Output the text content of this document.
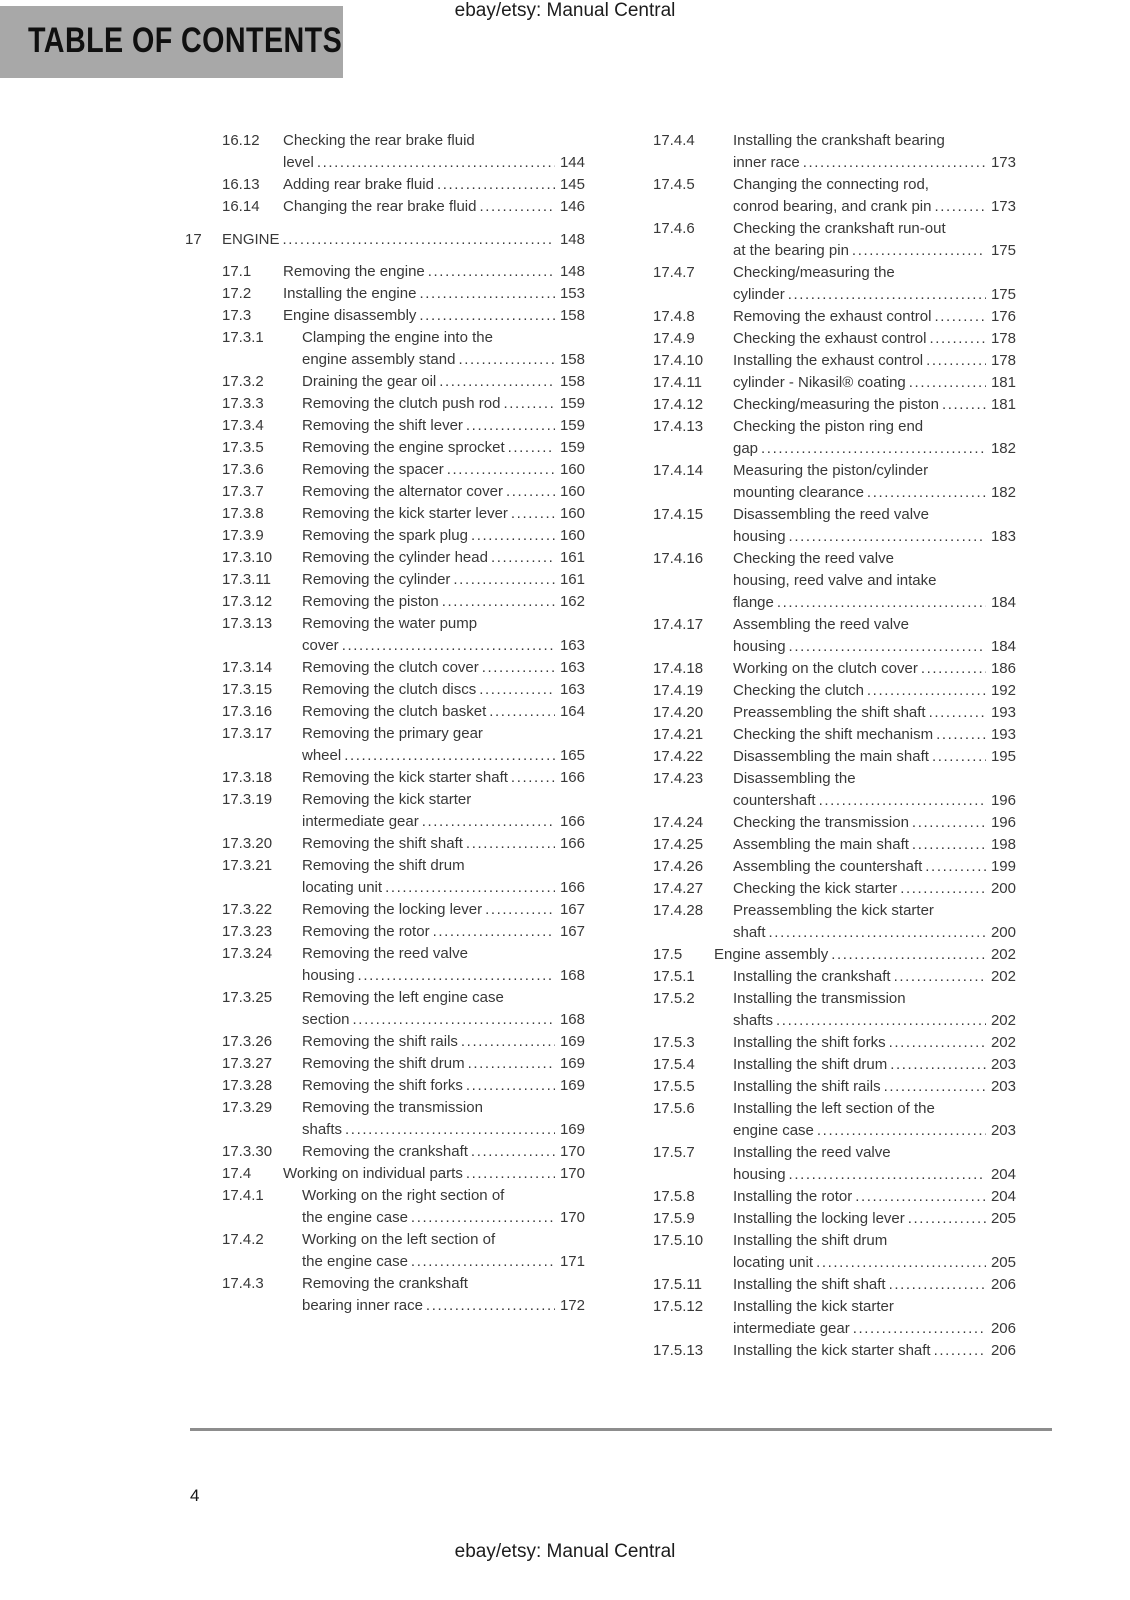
ebay/etsy: Manual Central
TABLE OF CONTENTS
16.12	Checking the rear brake fluid
level .....	144
16.13	Adding rear brake fluid .....	145
16.14	Changing the rear brake fluid .....	146
17	ENGINE .....	148
17.1	Removing the engine .....	148
17.2	Installing the engine .....	153
17.3	Engine disassembly .....	158
17.3.1	Clamping the engine into the
engine assembly stand .....	158
17.3.2	Draining the gear oil .....	158
17.3.3	Removing the clutch push rod .....	159
17.3.4	Removing the shift lever .....	159
17.3.5	Removing the engine sprocket .....	159
17.3.6	Removing the spacer .....	160
17.3.7	Removing the alternator cover .....	160
17.3.8	Removing the kick starter lever .....	160
17.3.9	Removing the spark plug .....	160
17.3.10	Removing the cylinder head .....	161
17.3.11	Removing the cylinder .....	161
17.3.12	Removing the piston .....	162
17.3.13	Removing the water pump
cover .....	163
17.3.14	Removing the clutch cover .....	163
17.3.15	Removing the clutch discs .....	163
17.3.16	Removing the clutch basket .....	164
17.3.17	Removing the primary gear
wheel .....	165
17.3.18	Removing the kick starter shaft .....	166
17.3.19	Removing the kick starter
intermediate gear .....	166
17.3.20	Removing the shift shaft .....	166
17.3.21	Removing the shift drum
locating unit .....	166
17.3.22	Removing the locking lever .....	167
17.3.23	Removing the rotor .....	167
17.3.24	Removing the reed valve
housing .....	168
17.3.25	Removing the left engine case
section .....	168
17.3.26	Removing the shift rails .....	169
17.3.27	Removing the shift drum .....	169
17.3.28	Removing the shift forks .....	169
17.3.29	Removing the transmission
shafts .....	169
17.3.30	Removing the crankshaft .....	170
17.4	Working on individual parts .....	170
17.4.1	Working on the right section of
the engine case .....	170
17.4.2	Working on the left section of
the engine case .....	171
17.4.3	Removing the crankshaft
bearing inner race .....	172
17.4.4	Installing the crankshaft bearing
inner race .....	173
17.4.5	Changing the connecting rod,
conrod bearing, and crank pin .....	173
17.4.6	Checking the crankshaft run-out
at the bearing pin .....	175
17.4.7	Checking/measuring the
cylinder .....	175
17.4.8	Removing the exhaust control .....	176
17.4.9	Checking the exhaust control .....	178
17.4.10	Installing the exhaust control .....	178
17.4.11	cylinder - Nikasil® coating .....	181
17.4.12	Checking/measuring the piston .....	181
17.4.13	Checking the piston ring end
gap .....	182
17.4.14	Measuring the piston/cylinder
mounting clearance .....	182
17.4.15	Disassembling the reed valve
housing .....	183
17.4.16	Checking the reed valve
housing, reed valve and intake
flange .....	184
17.4.17	Assembling the reed valve
housing .....	184
17.4.18	Working on the clutch cover .....	186
17.4.19	Checking the clutch .....	192
17.4.20	Preassembling the shift shaft .....	193
17.4.21	Checking the shift mechanism .....	193
17.4.22	Disassembling the main shaft .....	195
17.4.23	Disassembling the
countershaft .....	196
17.4.24	Checking the transmission .....	196
17.4.25	Assembling the main shaft .....	198
17.4.26	Assembling the countershaft .....	199
17.4.27	Checking the kick starter .....	200
17.4.28	Preassembling the kick starter
shaft .....	200
17.5	Engine assembly .....	202
17.5.1	Installing the crankshaft .....	202
17.5.2	Installing the transmission
shafts .....	202
17.5.3	Installing the shift forks .....	202
17.5.4	Installing the shift drum .....	203
17.5.5	Installing the shift rails .....	203
17.5.6	Installing the left section of the
engine case .....	203
17.5.7	Installing the reed valve
housing .....	204
17.5.8	Installing the rotor .....	204
17.5.9	Installing the locking lever .....	205
17.5.10	Installing the shift drum
locating unit .....	205
17.5.11	Installing the shift shaft .....	206
17.5.12	Installing the kick starter
intermediate gear .....	206
17.5.13	Installing the kick starter shaft .....	206
4
ebay/etsy: Manual Central
